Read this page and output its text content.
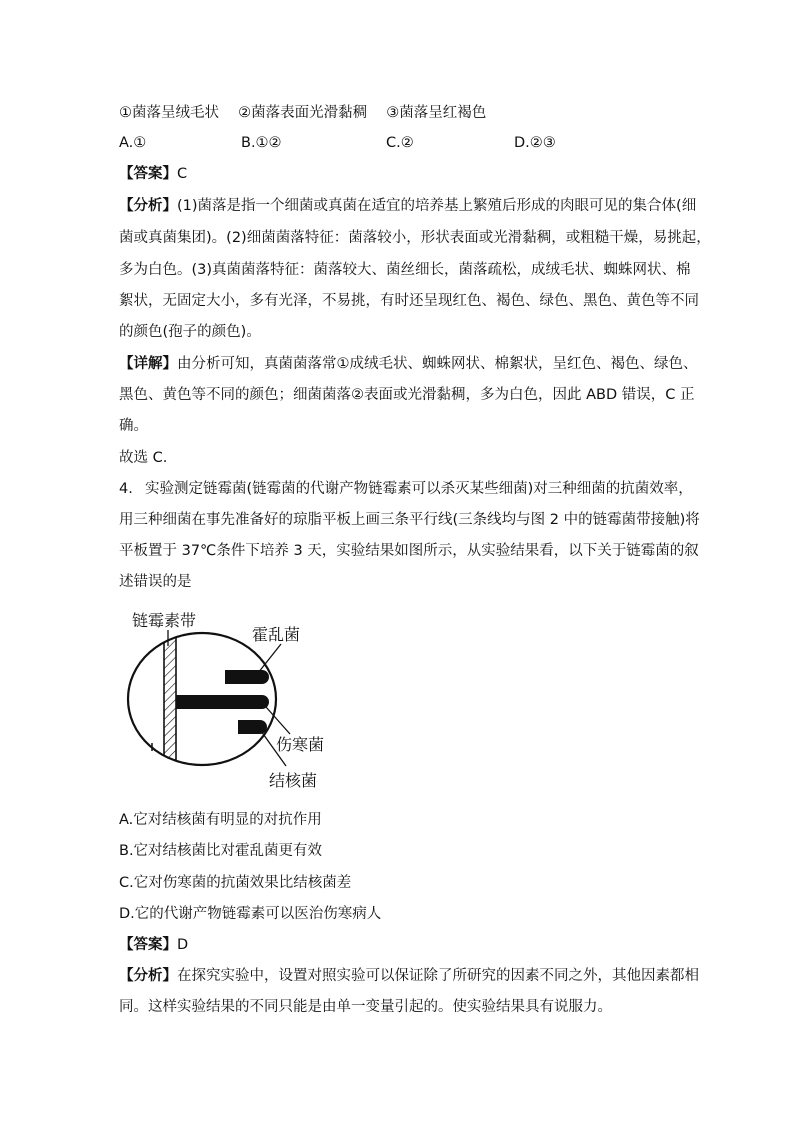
①菌落呈绒毛状　 ②菌落表面光滑黏稠　 ③菌落呈红褐色
A.①	B.①②	C.②	D.②③
【答案】C
【分析】(1)菌落是指一个细菌或真菌在适宜的培养基上繁殖后形成的肉眼可见的集合体(细
菌或真菌集团)。(2)细菌菌落特征：菌落较小，形状表面或光滑黏稠，或粗糙干燥，易挑起，
多为白色。(3)真菌菌落特征：菌落较大、菌丝细长，菌落疏松，成绒毛状、蜘蛛网状、棉
絮状，无固定大小，多有光泽，不易挑，有时还呈现红色、褐色、绿色、黑色、黄色等不同
的颜色(孢子的颜色)。
【详解】由分析可知，真菌菌落常①成绒毛状、蜘蛛网状、棉絮状，呈红色、褐色、绿色、
黑色、黄色等不同的颜色；细菌菌落②表面或光滑黏稠，多为白色，因此 ABD 错误，C 正
确。
故选 C.
4. 实验测定链霉菌(链霉菌的代谢产物链霉素可以杀灭某些细菌)对三种细菌的抗菌效率，
用三种细菌在事先准备好的琼脂平板上画三条平行线(三条线均与图 2 中的链霉菌带接触)将
平板置于 37℃条件下培养 3 天，实验结果如图所示，从实验结果看，以下关于链霉菌的叙
述错误的是
链霉素带
霍乱菌
伤寒菌
结核菌
A.它对结核菌有明显的对抗作用
B.它对结核菌比对霍乱菌更有效
C.它对伤寒菌的抗菌效果比结核菌差
D.它的代谢产物链霉素可以医治伤寒病人
【答案】D
【分析】在探究实验中，设置对照实验可以保证除了所研究的因素不同之外，其他因素都相
同。这样实验结果的不同只能是由单一变量引起的。使实验结果具有说服力。
